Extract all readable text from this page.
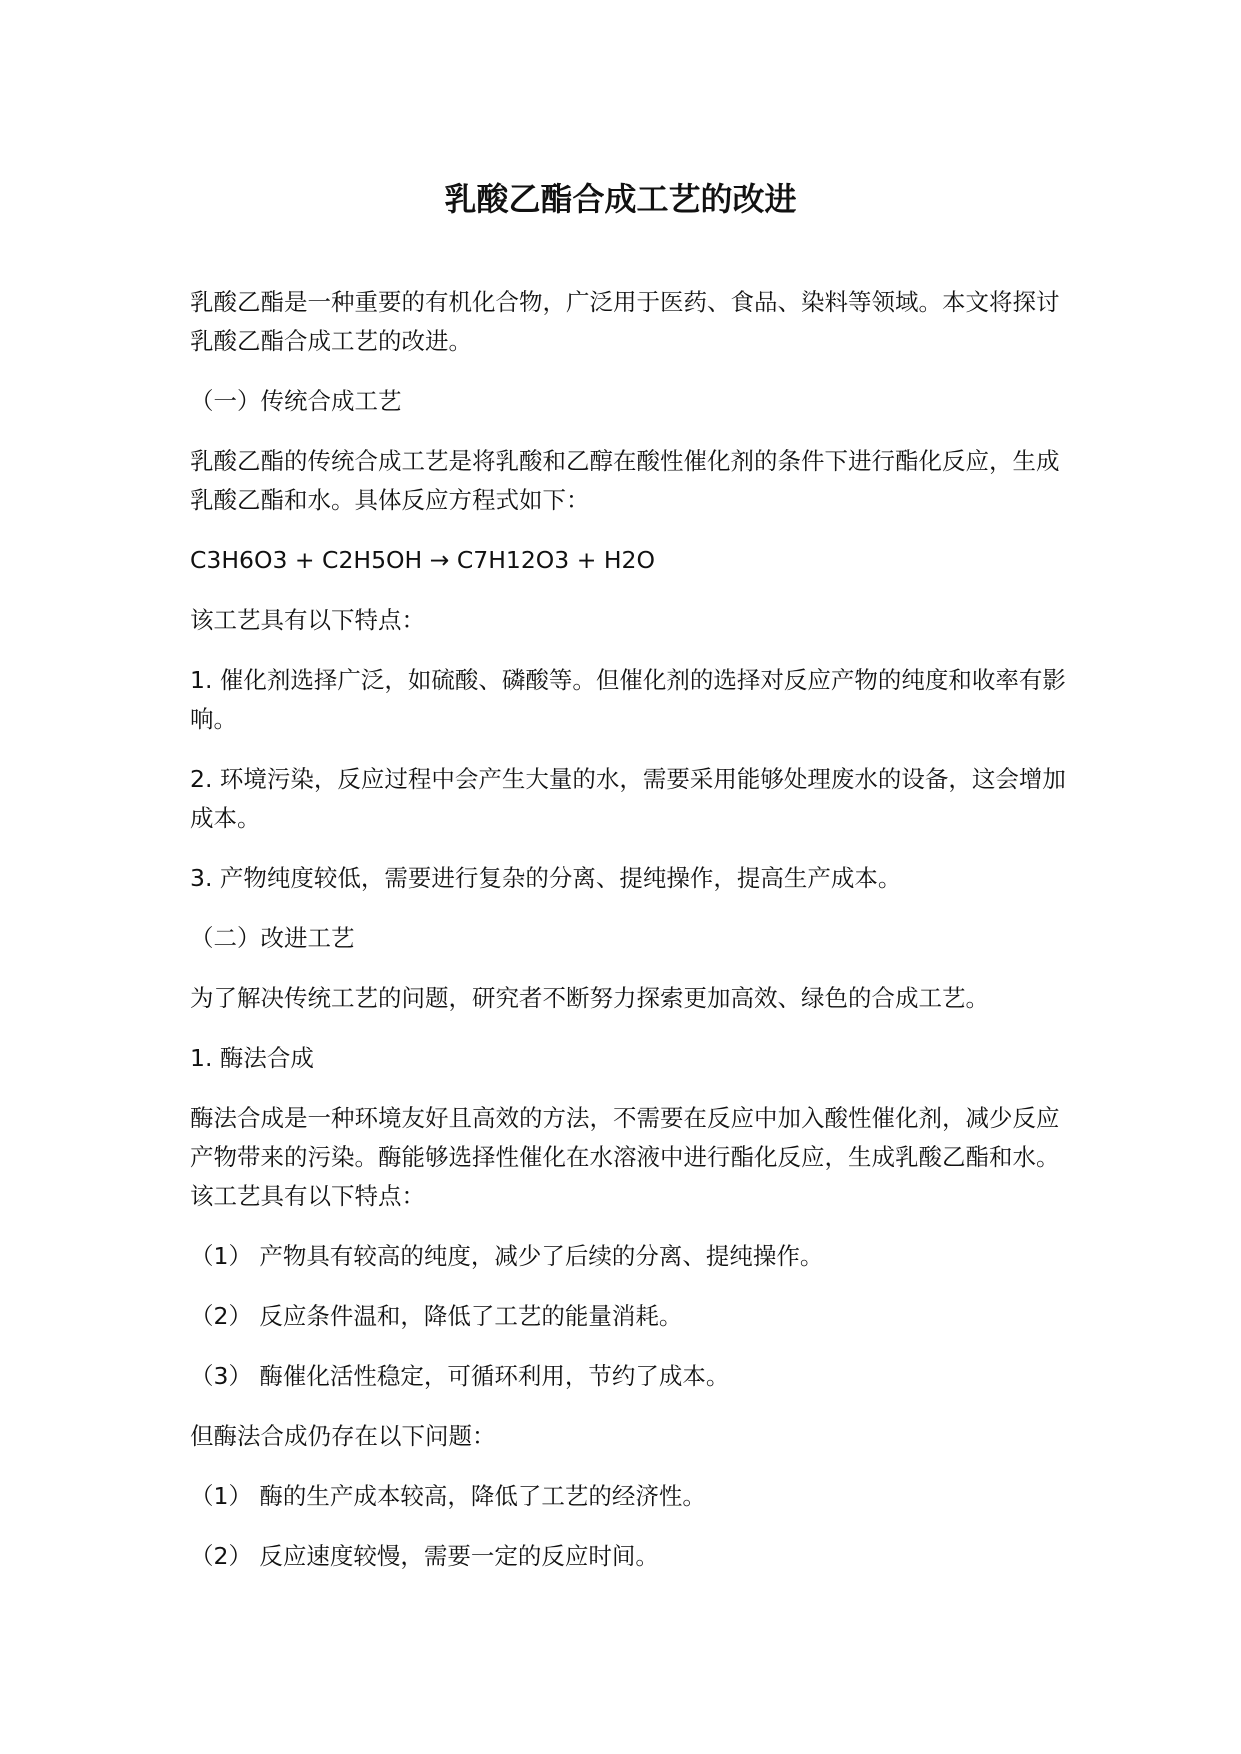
乳酸乙酯合成工艺的改进

乳酸乙酯是一种重要的有机化合物，广泛用于医药、食品、染料等领域。本文将探讨
乳酸乙酯合成工艺的改进。

（一）传统合成工艺

乳酸乙酯的传统合成工艺是将乳酸和乙醇在酸性催化剂的条件下进行酯化反应，生成
乳酸乙酯和水。具体反应方程式如下：

C3H6O3 + C2H5OH → C7H12O3 + H2O

该工艺具有以下特点：

1. 催化剂选择广泛，如硫酸、磷酸等。但催化剂的选择对反应产物的纯度和收率有影
响。

2. 环境污染，反应过程中会产生大量的水，需要采用能够处理废水的设备，这会增加
成本。

3. 产物纯度较低，需要进行复杂的分离、提纯操作，提高生产成本。

（二）改进工艺

为了解决传统工艺的问题，研究者不断努力探索更加高效、绿色的合成工艺。

1. 酶法合成

酶法合成是一种环境友好且高效的方法，不需要在反应中加入酸性催化剂，减少反应
产物带来的污染。酶能够选择性催化在水溶液中进行酯化反应，生成乳酸乙酯和水。
该工艺具有以下特点：

（1） 产物具有较高的纯度，减少了后续的分离、提纯操作。

（2） 反应条件温和，降低了工艺的能量消耗。

（3） 酶催化活性稳定，可循环利用，节约了成本。

但酶法合成仍存在以下问题：

（1） 酶的生产成本较高，降低了工艺的经济性。

（2） 反应速度较慢，需要一定的反应时间。
